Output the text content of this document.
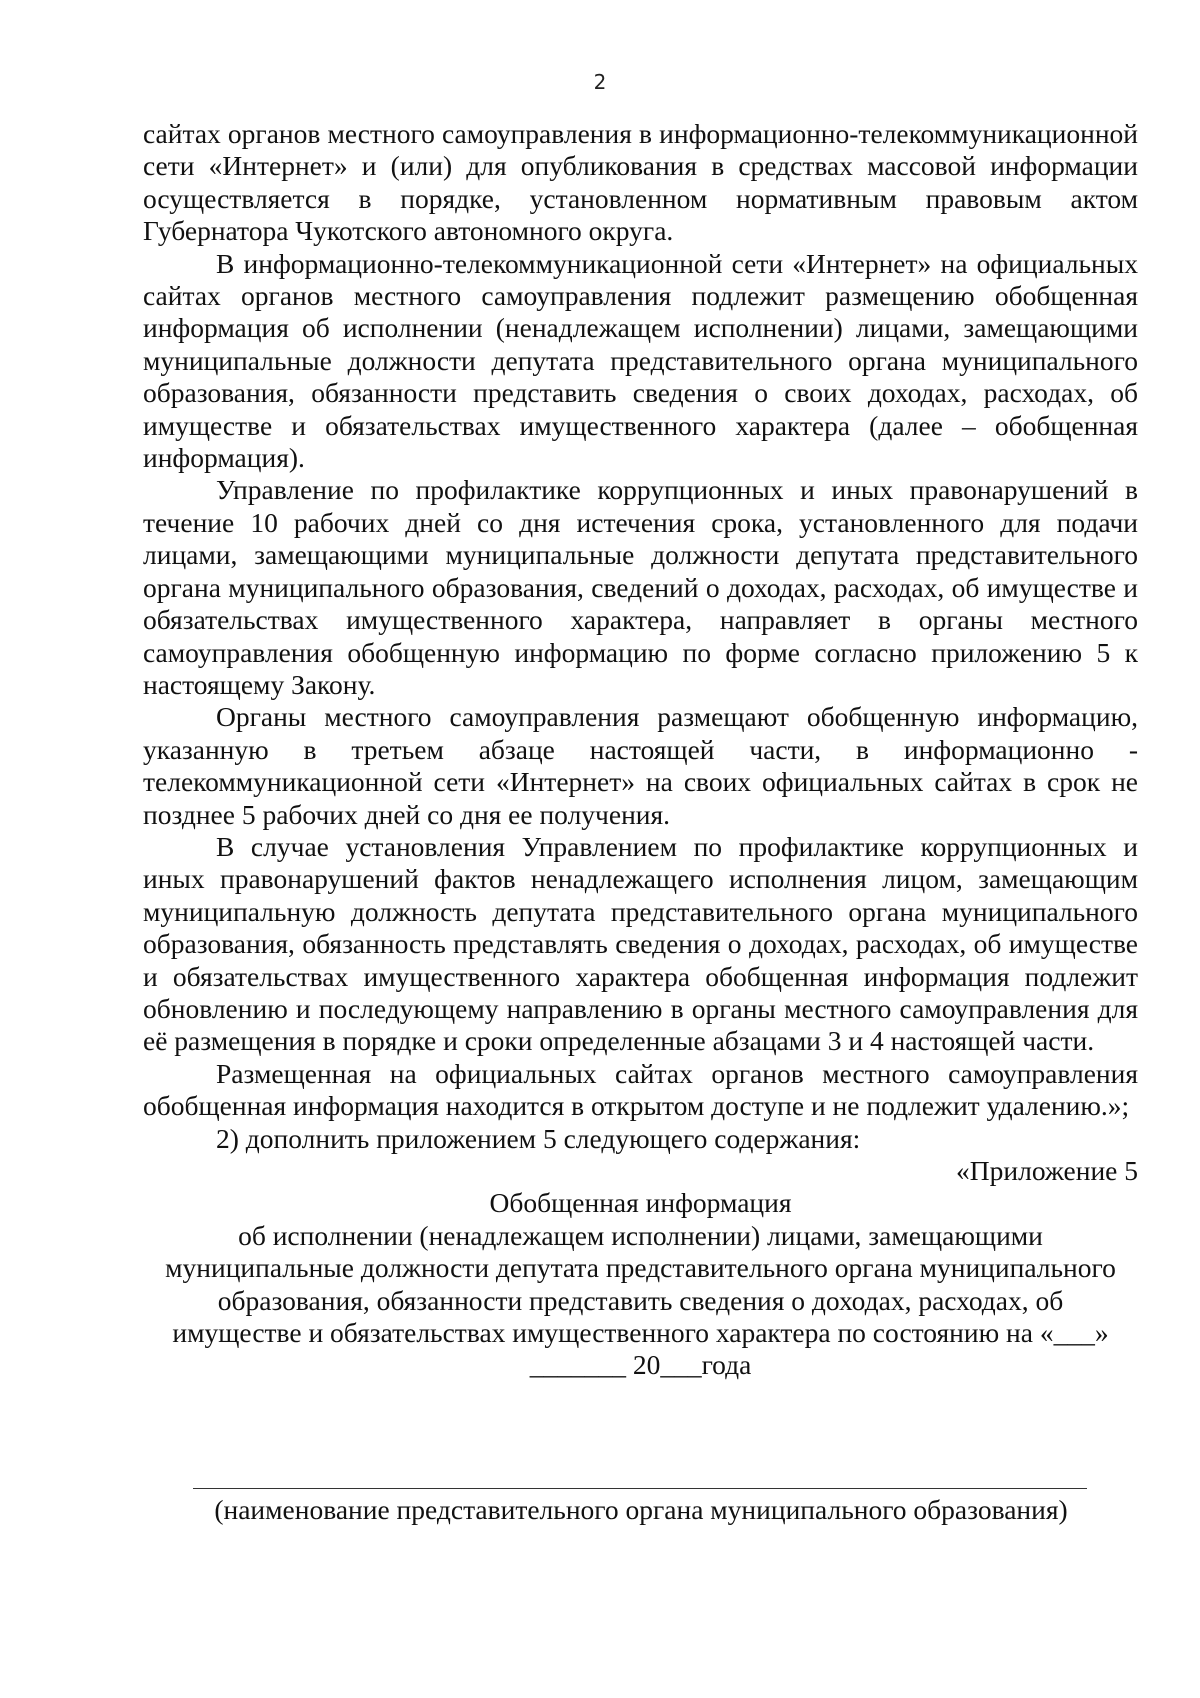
2

сайтах органов местного самоуправления в информационно-телекоммуникационной сети «Интернет» и (или) для опубликования в средствах массовой информации осуществляется в порядке, установленном нормативным правовым актом Губернатора Чукотского автономного округа.

В информационно-телекоммуникационной сети «Интернет» на официальных сайтах органов местного самоуправления подлежит размещению обобщенная информация об исполнении (ненадлежащем исполнении) лицами, замещающими муниципальные должности депутата представительного органа муниципального образования, обязанности представить сведения о своих доходах, расходах, об имуществе и обязательствах имущественного характера (далее – обобщенная информация).

Управление по профилактике коррупционных и иных правонарушений в течение 10 рабочих дней со дня истечения срока, установленного для подачи лицами, замещающими муниципальные должности депутата представительного органа муниципального образования, сведений о доходах, расходах, об имуществе и обязательствах имущественного характера, направляет в органы местного самоуправления обобщенную информацию по форме согласно приложению 5 к настоящему Закону.

Органы местного самоуправления размещают обобщенную информацию, указанную в третьем абзаце настоящей части, в информационно - телекоммуникационной сети «Интернет» на своих официальных сайтах в срок не позднее 5 рабочих дней со дня ее получения.

В случае установления Управлением по профилактике коррупционных и иных правонарушений фактов ненадлежащего исполнения лицом, замещающим муниципальную должность депутата представительного органа муниципального образования, обязанность представлять сведения о доходах, расходах, об имуществе и обязательствах имущественного характера обобщенная информация подлежит обновлению и последующему направлению в органы местного самоуправления для её размещения в порядке и сроки определенные абзацами 3 и 4 настоящей части.

Размещенная на официальных сайтах органов местного самоуправления обобщенная информация находится в открытом доступе и не подлежит удалению.»;

2) дополнить приложением 5 следующего содержания:

«Приложение 5

Обобщенная информация

об исполнении (ненадлежащем исполнении) лицами, замещающими

муниципальные должности депутата представительного органа муниципального

образования, обязанности представить сведения о доходах, расходах, об

имуществе и обязательствах имущественного характера по состоянию на «___»

_______ 20___года

(наименование представительного органа муниципального образования)
